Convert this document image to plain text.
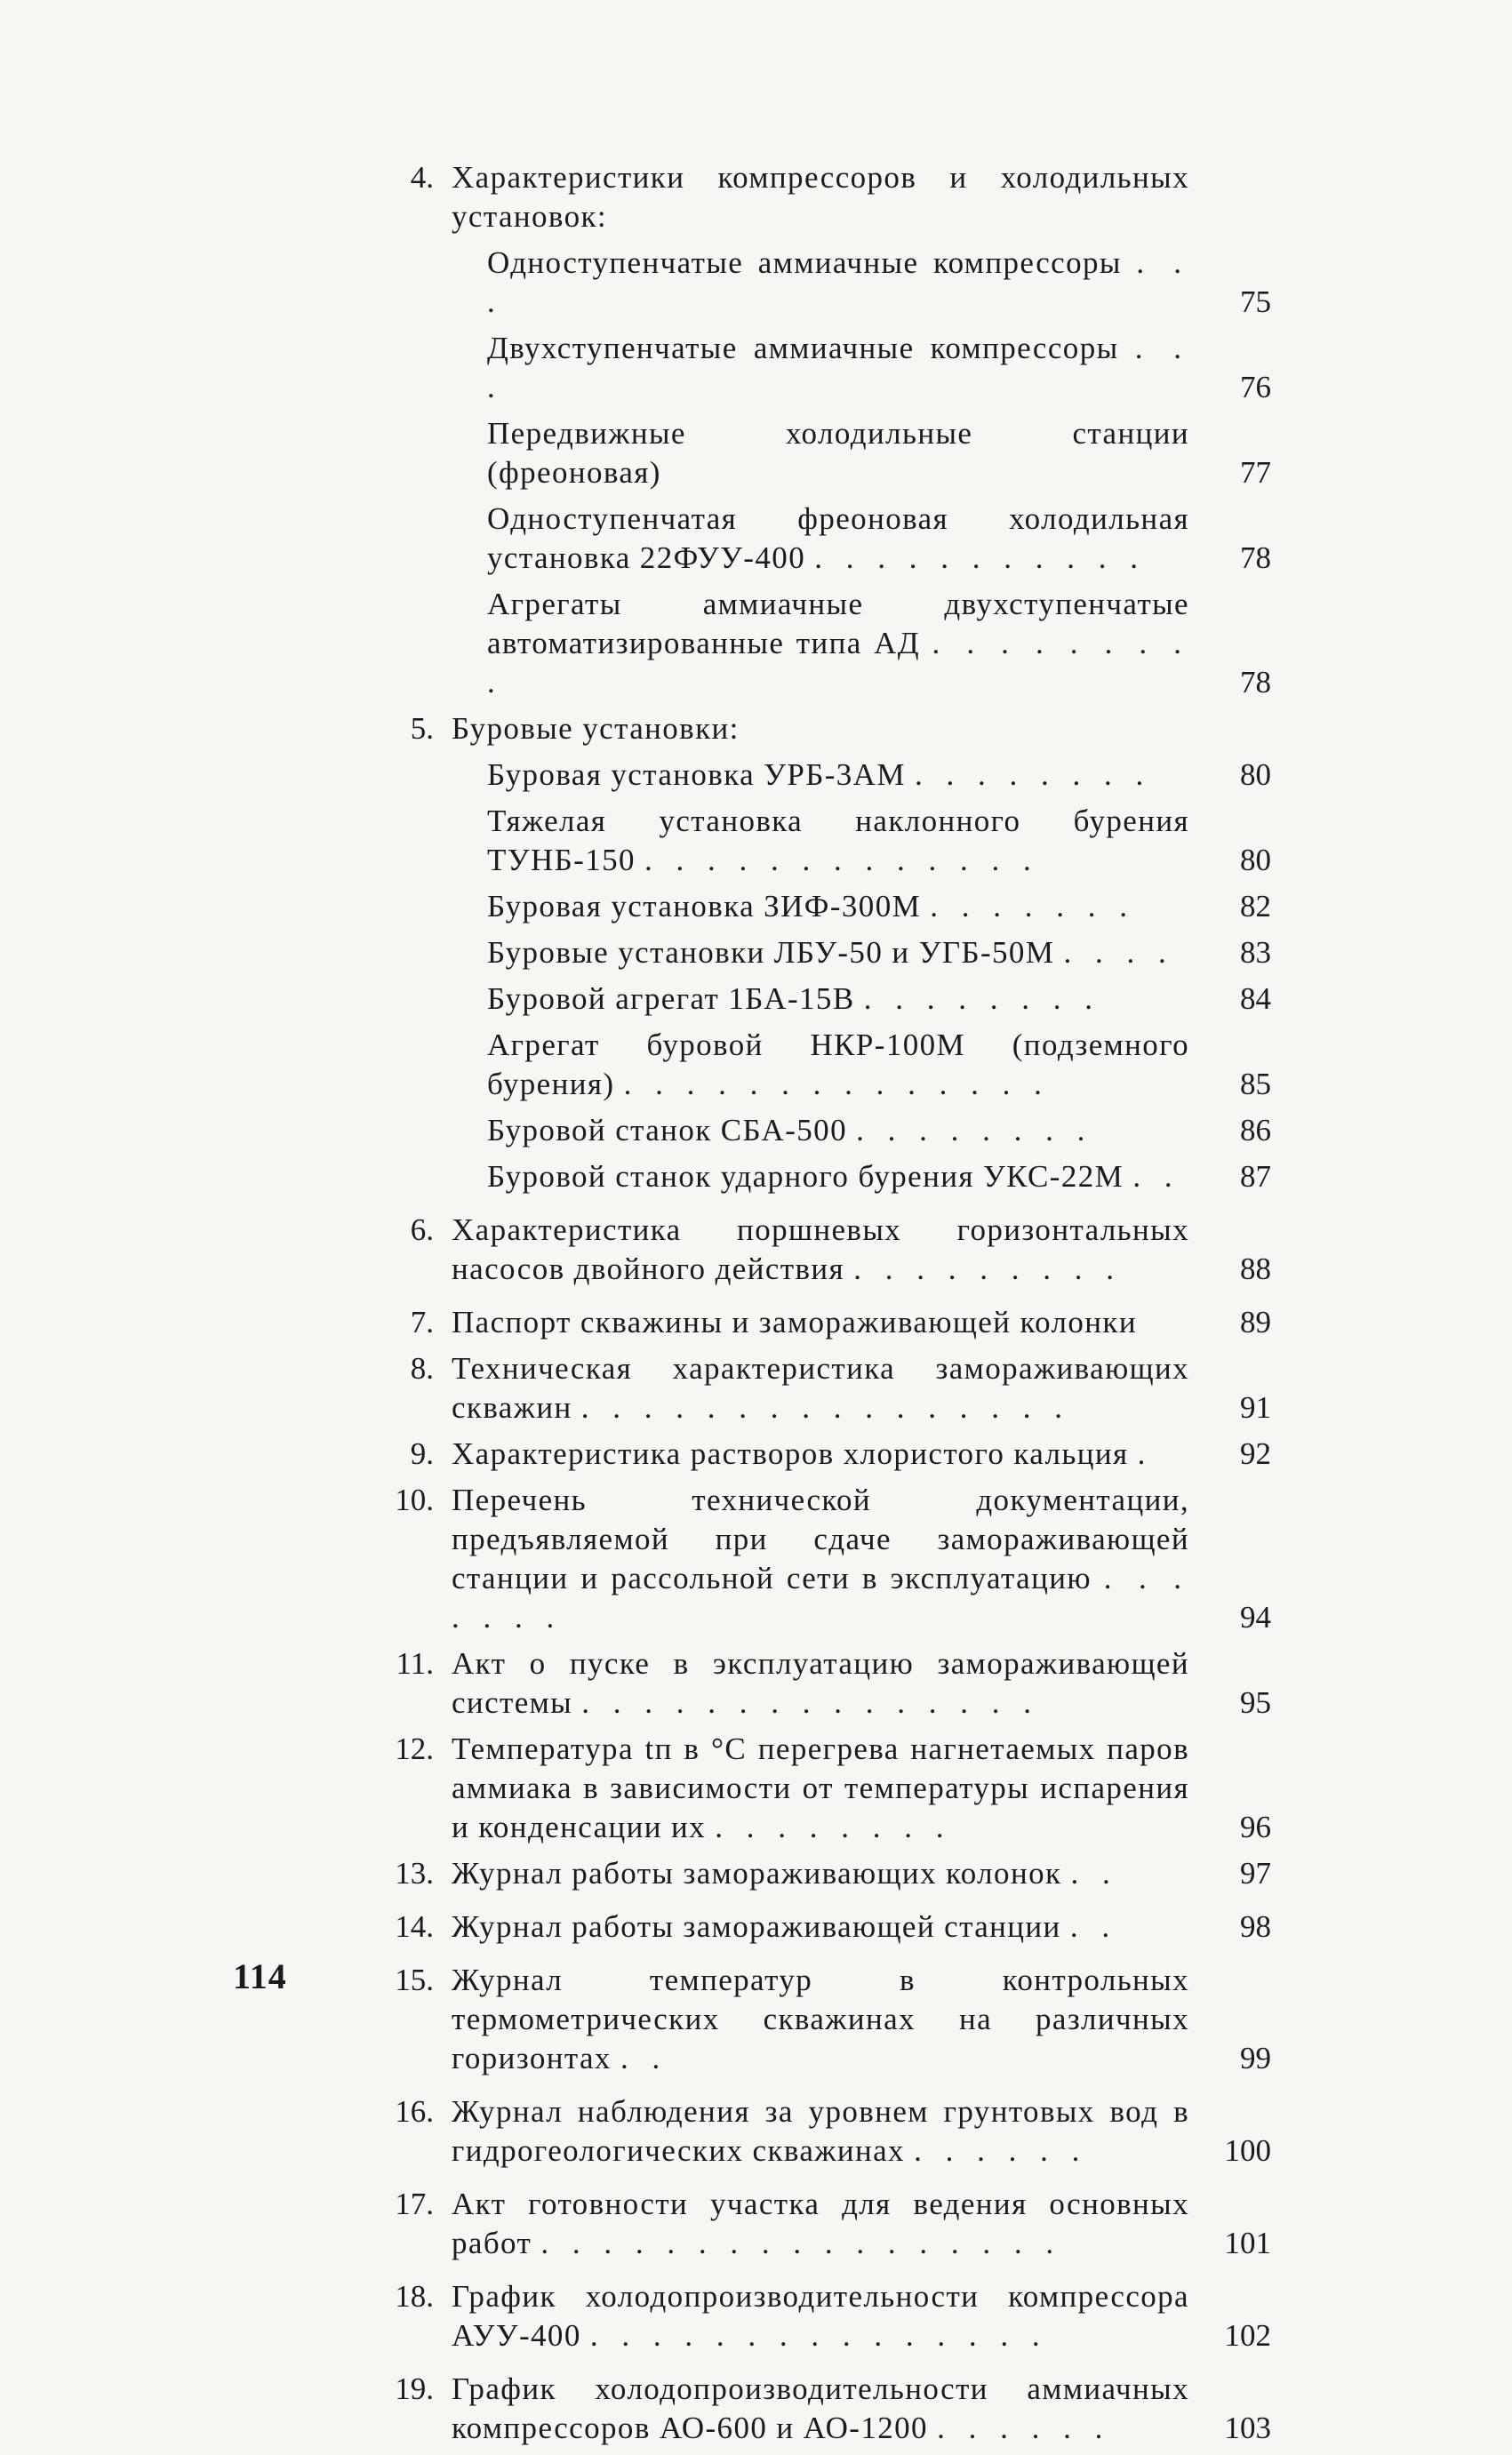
4. Характеристики компрессоров и холодильных установок:
Одноступенчатые аммиачные компрессоры . . .	75
Двухступенчатые аммиачные компрессоры . . .	76
Передвижные холодильные станции (фреоновая)	77
Одноступенчатая фреоновая холодильная установка 22ФУУ-400 . . . . . . . . . . .	78
Агрегаты аммиачные двухступенчатые автоматизированные типа АД . . . . . . . . .	78
5. Буровые установки:
Буровая установка УРБ-3АМ . . . . . . . .	80
Тяжелая установка наклонного бурения ТУНБ-150 . . . . . . . . . . . . .	80
Буровая установка ЗИФ-300М . . . . . . .	82
Буровые установки ЛБУ-50 и УГБ-50М . . . .	83
Буровой агрегат 1БА-15В . . . . . . . .	84
Агрегат буровой НКР-100М (подземного бурения) . . . . . . . . . . . . . .	85
Буровой станок СБА-500 . . . . . . . .	86
Буровой станок ударного бурения УКС-22М . .	87
6. Характеристика поршневых горизонтальных насосов двойного действия . . . . . . . . .	88
7. Паспорт скважины и замораживающей колонки	89
8. Техническая характеристика замораживающих скважин . . . . . . . . . . . . . . . .	91
9. Характеристика растворов хлористого кальция .	92
10. Перечень технической документации, предъявляемой при сдаче замораживающей станции и рассольной сети в эксплуатацию . . . . . . .	94
11. Акт о пуске в эксплуатацию замораживающей системы . . . . . . . . . . . . . . .	95
12. Температура tп в °С перегрева нагнетаемых паров аммиака в зависимости от температуры испарения и конденсации их . . . . . . . .	96
13. Журнал работы замораживающих колонок . .	97
14. Журнал работы замораживающей станции . .	98
15. Журнал температур в контрольных термометрических скважинах на различных горизонтах . .	99
16. Журнал наблюдения за уровнем грунтовых вод в гидрогеологических скважинах . . . . . .	100
17. Акт готовности участка для ведения основных работ . . . . . . . . . . . . . . . . .	101
18. График холодопроизводительности компрессора АУУ-400 . . . . . . . . . . . . . . .	102
19. График холодопроизводительности аммиачных компрессоров АО-600 и АО-1200 . . . . . .	103
114
